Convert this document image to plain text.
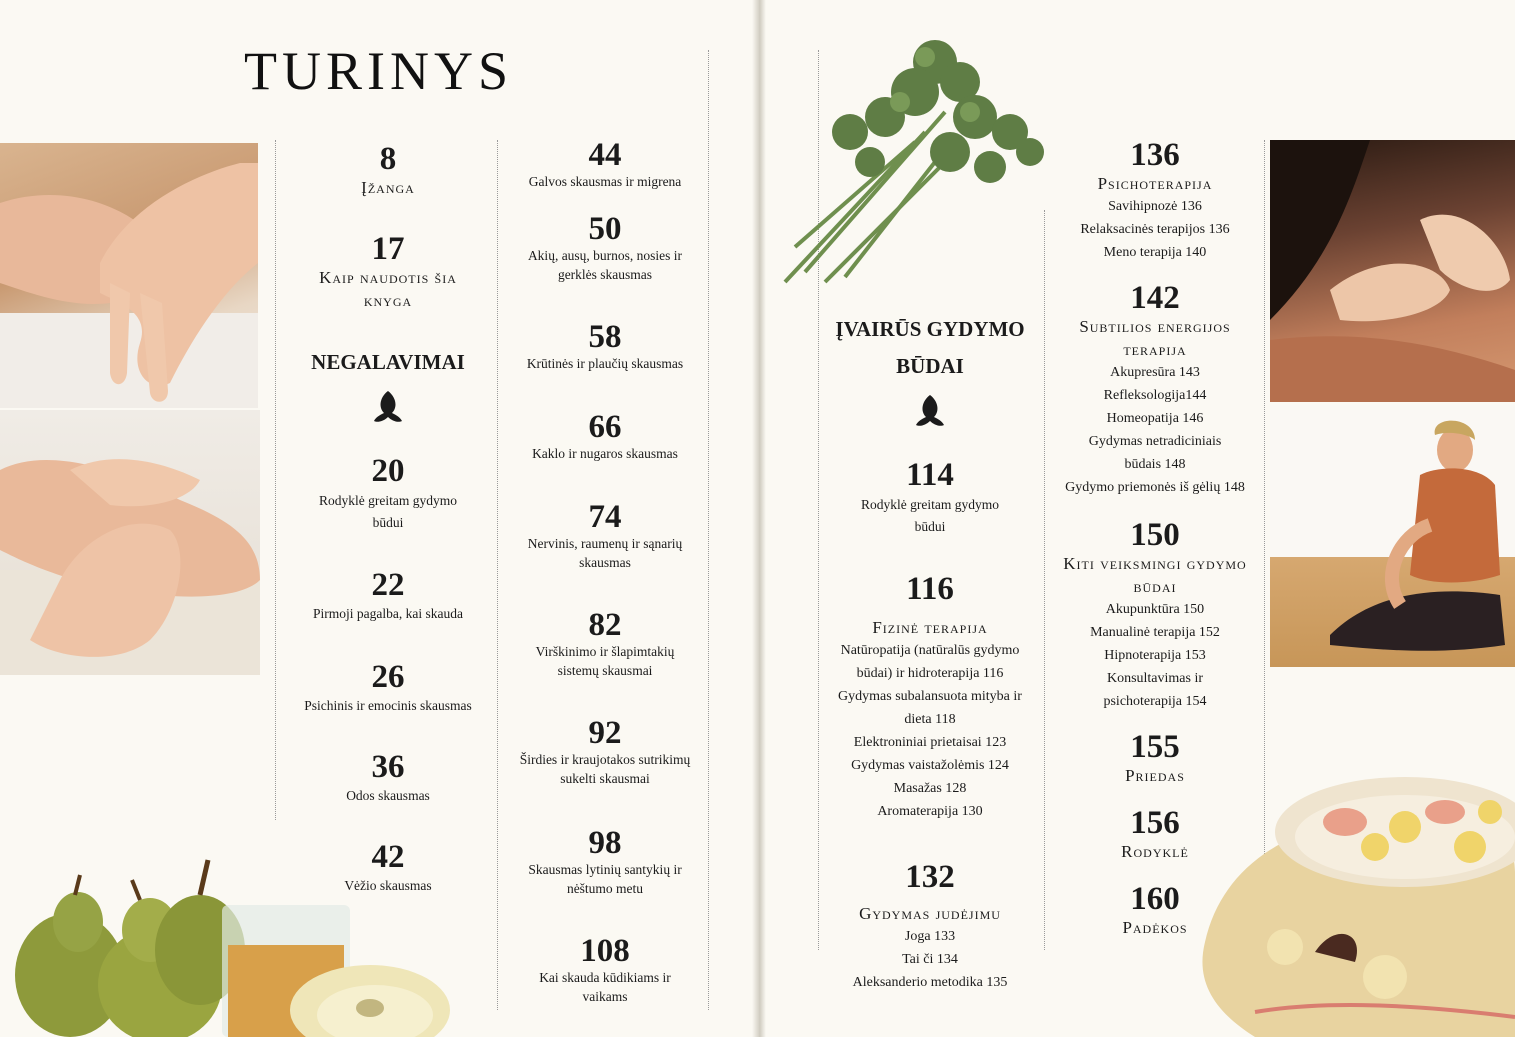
TURINYS
8
Įžanga
17
Kaip naudotis šia knyga
NEGALAVIMAI
20
Rodyklė greitam gydymo būdui
22
Pirmoji pagalba, kai skauda
26
Psichinis ir emocinis skausmas
36
Odos skausmas
42
Vėžio skausmas
44
Galvos skausmas ir migrena
50
Akių, ausų, burnos, nosies ir gerklės skausmas
58
Krūtinės ir plaučių skausmas
66
Kaklo ir nugaros skausmas
74
Nervinis, raumenų ir sąnarių skausmas
82
Virškinimo ir šlapimtakių sistemų skausmai
92
Širdies ir kraujotakos sutrikimų sukelti skausmai
98
Skausmas lytinių santykių ir nėštumo metu
108
Kai skauda kūdikiams ir vaikams
ĮVAIRŪS GYDYMO BŪDAI
114
Rodyklė greitam gydymo būdui
116
Fizinė terapija
Natūropatija (natūralūs gydymo būdai) ir hidroterapija 116
Gydymas subalansuota mityba ir dieta 118
Elektroniniai prietaisai 123
Gydymas vaistažolėmis 124
Masažas 128
Aromaterapija 130
132
Gydymas judėjimu
Joga 133
Tai či 134
Aleksanderio metodika 135
136
Psichoterapija
Savihipnozė 136
Relaksacinės terapijos 136
Meno terapija 140
142
Subtilios energijos terapija
Akupresūra 143
Refleksologija144
Homeopatija 146
Gydymas netradiciniais būdais 148
Gydymo priemonės iš gėlių 148
150
Kiti veiksmingi gydymo būdai
Akupunktūra 150
Manualinė terapija 152
Hipnoterapija 153
Konsultavimas ir psichoterapija 154
155
Priedas
156
Rodyklė
160
Padėkos
